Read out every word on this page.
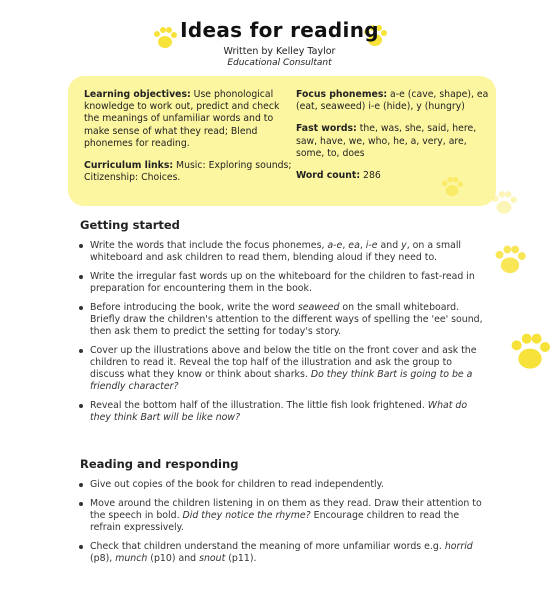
Ideas for reading
Written by Kelley Taylor
Educational Consultant

Learning objectives: Use phonological knowledge to work out, predict and check the meanings of unfamiliar words and to make sense of what they read; Blend phonemes for reading.

Curriculum links: Music: Exploring sounds; Citizenship: Choices.

Focus phonemes: a-e (cave, shape), ea (eat, seaweed) i-e (hide), y (hungry)

Fast words: the, was, she, said, here, saw, have, we, who, he, a, very, are, some, to, does

Word count: 286

Getting started
Write the words that include the focus phonemes, a-e, ea, i-e and y, on a small whiteboard and ask children to read them, blending aloud if they need to.
Write the irregular fast words up on the whiteboard for the children to fast-read in preparation for encountering them in the book.
Before introducing the book, write the word seaweed on the small whiteboard. Briefly draw the children's attention to the different ways of spelling the 'ee' sound, then ask them to predict the setting for today's story.
Cover up the illustrations above and below the title on the front cover and ask the children to read it. Reveal the top half of the illustration and ask the group to discuss what they know or think about sharks. Do they think Bart is going to be a friendly character?
Reveal the bottom half of the illustration. The little fish look frightened. What do they think Bart will be like now?
Reading and responding
Give out copies of the book for children to read independently.
Move around the children listening in on them as they read. Draw their attention to the speech in bold. Did they notice the rhyme? Encourage children to read the refrain expressively.
Check that children understand the meaning of more unfamiliar words e.g. horrid (p8), munch (p10) and snout (p11).
